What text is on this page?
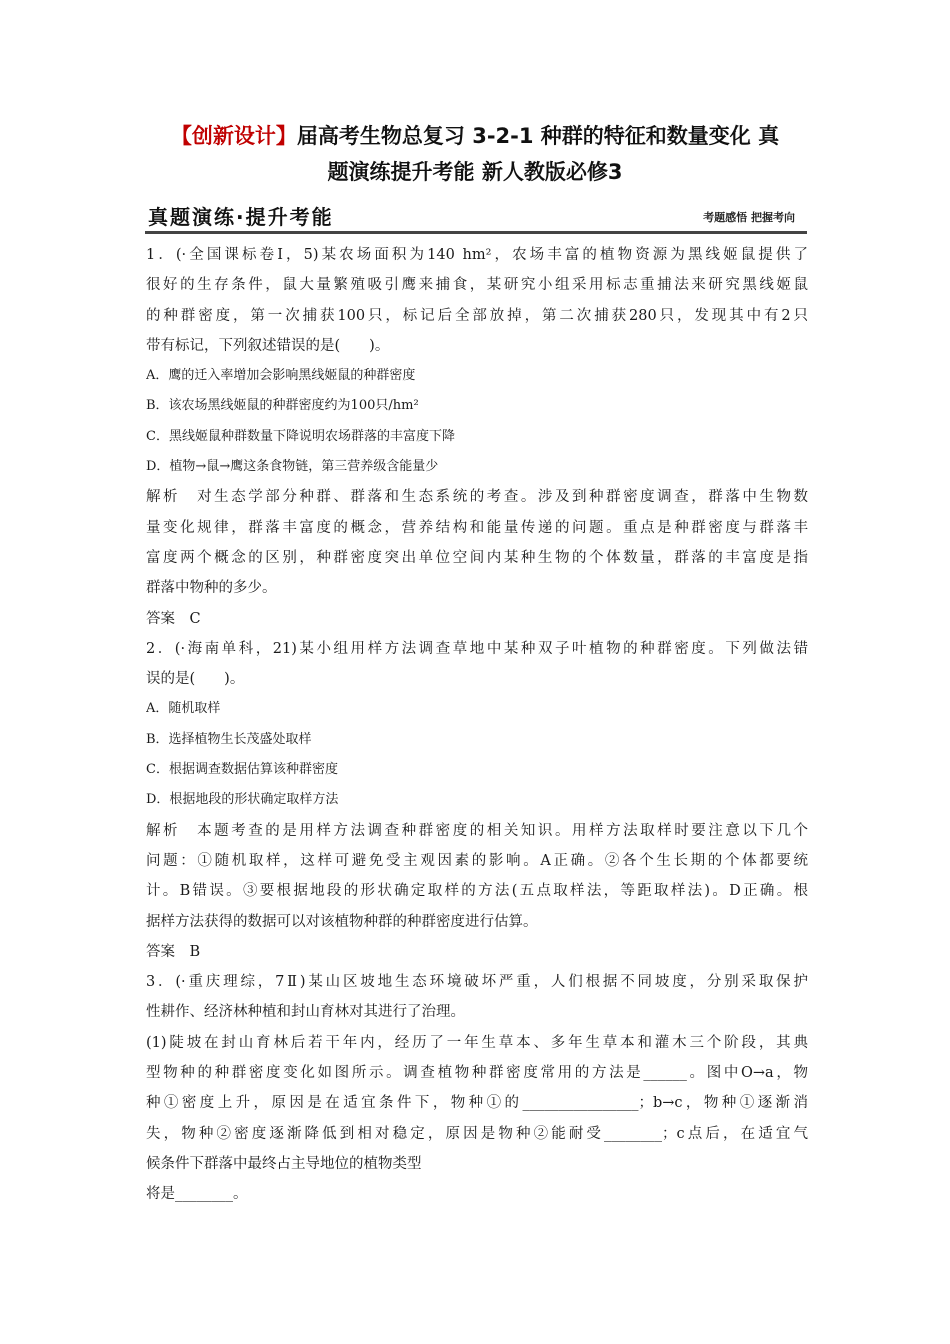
【创新设计】届高考生物总复习 3-2-1 种群的特征和数量变化 真
题演练提升考能 新人教版必修3
真题演练·提升考能	考题感悟 把握考向
1．(·全国课标卷Ⅰ，5)某农场面积为140 hm²，农场丰富的植物资源为黑线姬鼠提供了
很好的生存条件，鼠大量繁殖吸引鹰来捕食，某研究小组采用标志重捕法来研究黑线姬鼠
的种群密度，第一次捕获100只，标记后全部放掉，第二次捕获280只，发现其中有2只
带有标记，下列叙述错误的是(　　)。
A．鹰的迁入率增加会影响黑线姬鼠的种群密度
B．该农场黑线姬鼠的种群密度约为100只/hm²
C．黑线姬鼠种群数量下降说明农场群落的丰富度下降
D．植物→鼠→鹰这条食物链，第三营养级含能量少
解析　对生态学部分种群、群落和生态系统的考查。涉及到种群密度调查，群落中生物数
量变化规律，群落丰富度的概念，营养结构和能量传递的问题。重点是种群密度与群落丰
富度两个概念的区别，种群密度突出单位空间内某种生物的个体数量，群落的丰富度是指
群落中物种的多少。
答案　C
2．(·海南单科，21)某小组用样方法调查草地中某种双子叶植物的种群密度。下列做法错
误的是(　　)。
A．随机取样
B．选择植物生长茂盛处取样
C．根据调查数据估算该种群密度
D．根据地段的形状确定取样方法
解析　本题考查的是用样方法调查种群密度的相关知识。用样方法取样时要注意以下几个
问题：①随机取样，这样可避免受主观因素的影响。A正确。②各个生长期的个体都要统
计。B错误。③要根据地段的形状确定取样的方法(五点取样法，等距取样法)。D正确。根
据样方法获得的数据可以对该植物种群的种群密度进行估算。
答案　B
3．(·重庆理综，7Ⅱ)某山区坡地生态环境破坏严重，人们根据不同坡度，分别采取保护
性耕作、经济林种植和封山育林对其进行了治理。
(1)陡坡在封山育林后若干年内，经历了一年生草本、多年生草本和灌木三个阶段，其典
型物种的种群密度变化如图所示。调查植物种群密度常用的方法是______。图中O→a，物
种①密度上升，原因是在适宜条件下，物种①的________________；b→c，物种①逐渐消
失，物种②密度逐渐降低到相对稳定，原因是物种②能耐受________；c点后，在适宜气
候条件下群落中最终占主导地位的植物类型
将是________。
